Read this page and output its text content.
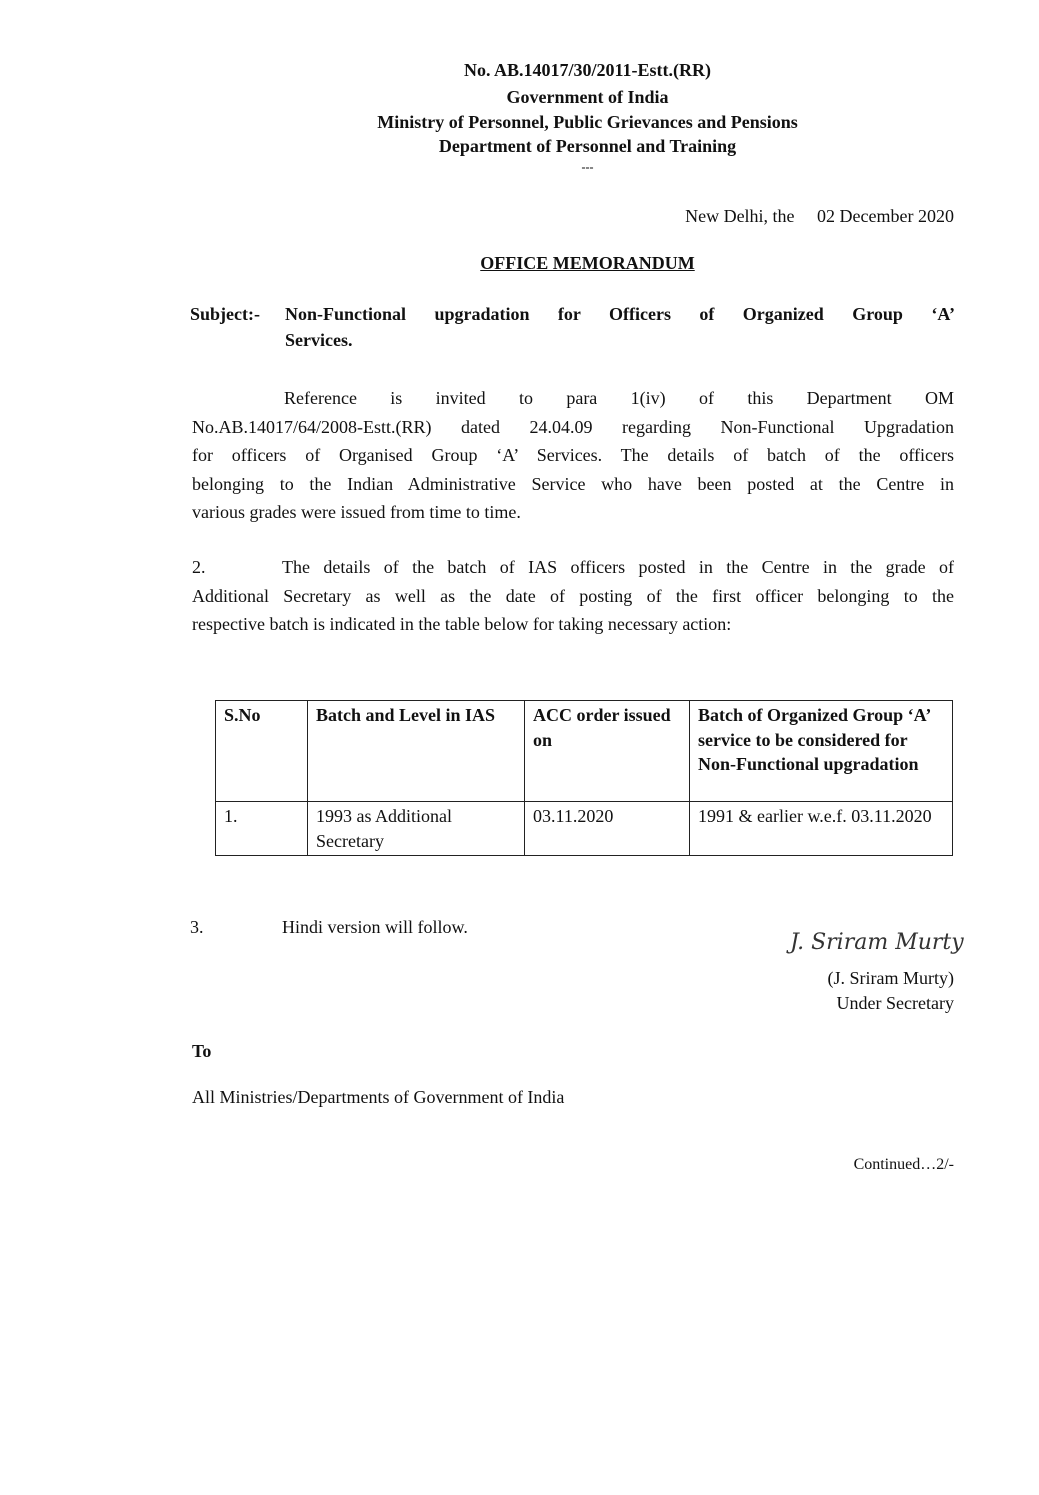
No. AB.14017/30/2011-Estt.(RR)
Government of India
Ministry of Personnel, Public Grievances and Pensions
Department of Personnel and Training
---
New Delhi, the 02 December 2020
OFFICE MEMORANDUM
Subject:- Non-Functional upgradation for Officers of Organized Group ‘A’
Services.
Reference is invited to para 1(iv) of this Department OM
No.AB.14017/64/2008-Estt.(RR) dated 24.04.09 regarding Non-Functional Upgradation
for officers of Organised Group ‘A’ Services. The details of batch of the officers
belonging to the Indian Administrative Service who have been posted at the Centre in
various grades were issued from time to time.
2.	The details of the batch of IAS officers posted in the Centre in the grade of
Additional Secretary as well as the date of posting of the first officer belonging to the
respective batch is indicated in the table below for taking necessary action:
S.No	Batch and Level in IAS	ACC order issued on	Batch of Organized Group ‘A’ service to be considered for Non-Functional upgradation
1.	1993 as Additional Secretary	03.11.2020	1991 & earlier w.e.f. 03.11.2020
3.	Hindi version will follow.
J. Sriram Murty
(J. Sriram Murty)
Under Secretary
To
All Ministries/Departments of Government of India
Continued…2/-
